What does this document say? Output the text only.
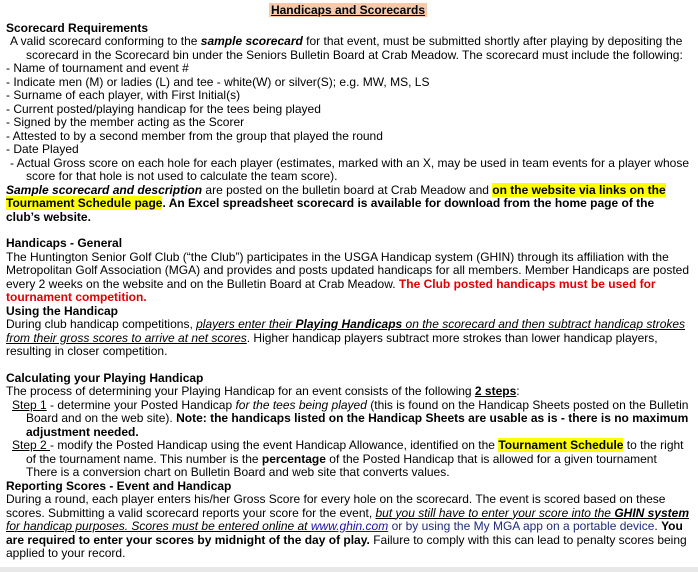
Handicaps and Scorecards
Scorecard Requirements

A valid scorecard conforming to the sample scorecard for that event, must be submitted shortly after playing by depositing the scorecard in the Scorecard bin under the Seniors Bulletin Board at Crab Meadow. The scorecard must include the following:

- Name of tournament and event #
- Indicate men (M) or ladies (L) and tee - white(W) or silver(S); e.g. MW, MS, LS
- Surname of each player, with First Initial(s)
- Current posted/playing handicap for the tees being played
- Signed by the member acting as the Scorer
- Attested to by a second member from the group that played the round
- Date Played

- Actual Gross score on each hole for each player (estimates, marked with an X, may be used in team events for a player whose score for that hole is not used to calculate the team score).

Sample scorecard and description are posted on the bulletin board at Crab Meadow and on the website via links on the Tournament Schedule page. An Excel spreadsheet scorecard is available for download from the home page of the club’s website.

Handicaps - General

The Huntington Senior Golf Club (“the Club”) participates in the USGA Handicap system (GHIN) through its affiliation with the Metropolitan Golf Association (MGA) and provides and posts updated handicaps for all members. Member Handicaps are posted every 2 weeks on the website and on the Bulletin Board at Crab Meadow. The Club posted handicaps must be used for tournament competition.

Using the Handicap

During club handicap competitions, players enter their Playing Handicaps on the scorecard and then subtract handicap strokes from their gross scores to arrive at net scores. Higher handicap players subtract more strokes than lower handicap players, resulting in closer competition.

Calculating your Playing Handicap

The process of determining your Playing Handicap for an event consists of the following 2 steps:

Step 1 - determine your Posted Handicap for the tees being played (this is found on the Handicap Sheets posted on the Bulletin Board and on the web site). Note: the handicaps listed on the Handicap Sheets are usable as is - there is no maximum adjustment needed.

Step 2 - modify the Posted Handicap using the event Handicap Allowance, identified on the Tournament Schedule to the right of the tournament name. This number is the percentage of the Posted Handicap that is allowed for a given tournament There is a conversion chart on Bulletin Board and web site that converts values.

Reporting Scores - Event and Handicap

During a round, each player enters his/her Gross Score for every hole on the scorecard. The event is scored based on these scores. Submitting a valid scorecard reports your score for the event, but you still have to enter your score into the GHIN system for handicap purposes. Scores must be entered online at www.ghin.com or by using the My MGA app on a portable device. You are required to enter your scores by midnight of the day of play. Failure to comply with this can lead to penalty scores being applied to your record.
